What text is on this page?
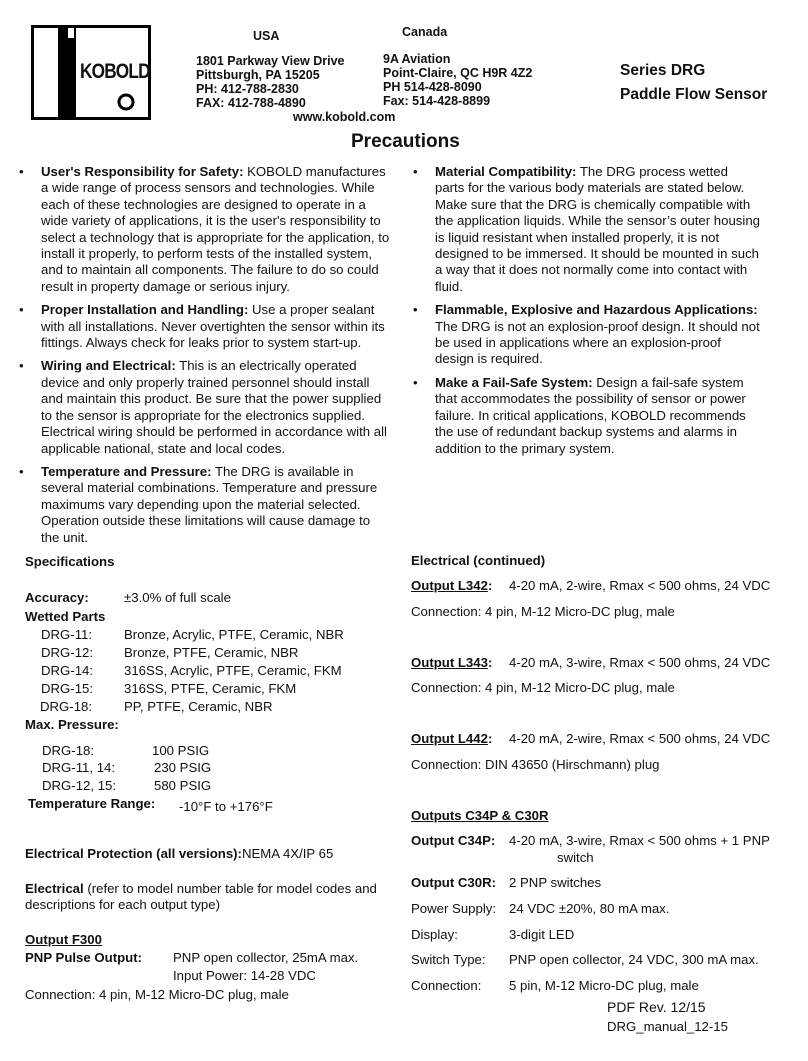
KOBOLD
USA
1801 Parkway View Drive
Pittsburgh, PA 15205
PH: 412-788-2830
FAX: 412-788-4890
Canada
9A Aviation
Point-Claire, QC H9R 4Z2
PH 514-428-8090
Fax: 514-428-8899
www.kobold.com
Series DRG
Paddle Flow Sensor
Precautions
• User's Responsibility for Safety: KOBOLD manufactures
a wide range of process sensors and technologies. While
each of these technologies are designed to operate in a
wide variety of applications, it is the user's responsibility to
select a technology that is appropriate for the application, to
install it properly, to perform tests of the installed system,
and to maintain all components. The failure to do so could
result in property damage or serious injury.
• Proper Installation and Handling: Use a proper sealant
with all installations. Never overtighten the sensor within its
fittings. Always check for leaks prior to system start-up.
• Wiring and Electrical: This is an electrically operated
device and only properly trained personnel should install
and maintain this product. Be sure that the power supplied
to the sensor is appropriate for the electronics supplied.
Electrical wiring should be performed in accordance with all
applicable national, state and local codes.
• Temperature and Pressure: The DRG is available in
several material combinations. Temperature and pressure
maximums vary depending upon the material selected.
Operation outside these limitations will cause damage to
the unit.
• Material Compatibility: The DRG process wetted
parts for the various body materials are stated below.
Make sure that the DRG is chemically compatible with
the application liquids. While the sensor’s outer housing
is liquid resistant when installed properly, it is not
designed to be immersed. It should be mounted in such
a way that it does not normally come into contact with
fluid.
• Flammable, Explosive and Hazardous Applications:
The DRG is not an explosion-proof design. It should not
be used in applications where an explosion-proof
design is required.
• Make a Fail-Safe System: Design a fail-safe system
that accommodates the possibility of sensor or power
failure. In critical applications, KOBOLD recommends
the use of redundant backup systems and alarms in
addition to the primary system.
Specifications
Accuracy:	±3.0% of full scale
Wetted Parts
Max. Pressure:
Temperature Range: -10°F to +176°F
Electrical Protection (all versions):NEMA 4X/IP 65
Electrical (refer to model number table for model codes and
descriptions for each output type)
Output F300
PNP Pulse Output: PNP open collector, 25mA max.
Input Power: 14-28 VDC
Connection: 4 pin, M-12 Micro-DC plug, male
Electrical (continued)
Output L342: 4-20 mA, 2-wire, Rmax < 500 ohms, 24 VDC
Connection: 4 pin, M-12 Micro-DC plug, male
Output L343: 4-20 mA, 3-wire, Rmax < 500 ohms, 24 VDC
Connection: 4 pin, M-12 Micro-DC plug, male
Output L442: 4-20 mA, 2-wire, Rmax < 500 ohms, 24 VDC
Connection: DIN 43650 (Hirschmann) plug
Outputs C34P & C30R
Output C34P: 4-20 mA, 3-wire, Rmax < 500 ohms + 1 PNP
switch
Output C30R: 2 PNP switches
Power Supply: 24 VDC ±20%, 80 mA max.
Display:	3-digit LED
Switch Type: PNP open collector, 24 VDC, 300 mA max.
Connection: 5 pin, M-12 Micro-DC plug, male
PDF Rev. 12/15
DRG_manual_12-15
DRG-11: Bronze, Acrylic, PTFE, Ceramic, NBR
DRG-12: Bronze, PTFE, Ceramic, NBR
DRG-14: 316SS, Acrylic, PTFE, Ceramic, FKM
DRG-15: 316SS, PTFE, Ceramic, FKM
DRG-18: PP, PTFE, Ceramic, NBR
DRG-18:	100 PSIG
DRG-11, 14:	230 PSIG
DRG-12, 15:	580 PSIG
